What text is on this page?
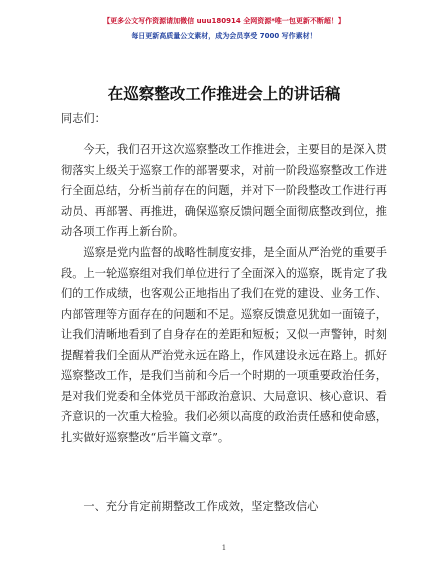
【更多公文写作资源请加微信 uuu180914 全网资源*唯一包更新不断超！】
每日更新高质量公文素材，成为会员享受 7000 写作素材！
在巡察整改工作推进会上的讲话稿
同志们：

今天，我们召开这次巡察整改工作推进会，主要目的是深入贯彻落实上级关于巡察工作的部署要求，对前一阶段巡察整改工作进行全面总结，分析当前存在的问题，并对下一阶段整改工作进行再动员、再部署、再推进，确保巡察反馈问题全面彻底整改到位，推动各项工作再上新台阶。

巡察是党内监督的战略性制度安排，是全面从严治党的重要手段。上一轮巡察组对我们单位进行了全面深入的巡察，既肯定了我们的工作成绩，也客观公正地指出了我们在党的建设、业务工作、内部管理等方面存在的问题和不足。巡察反馈意见犹如一面镜子，让我们清晰地看到了自身存在的差距和短板；又似一声警钟，时刻提醒着我们全面从严治党永远在路上，作风建设永远在路上。抓好巡察整改工作，是我们当前和今后一个时期的一项重要政治任务，是对我们党委和全体党员干部政治意识、大局意识、核心意识、看齐意识的一次重大检验。我们必须以高度的政治责任感和使命感，扎实做好巡察整改“后半篇文章”。

一、充分肯定前期整改工作成效，坚定整改信心
1
